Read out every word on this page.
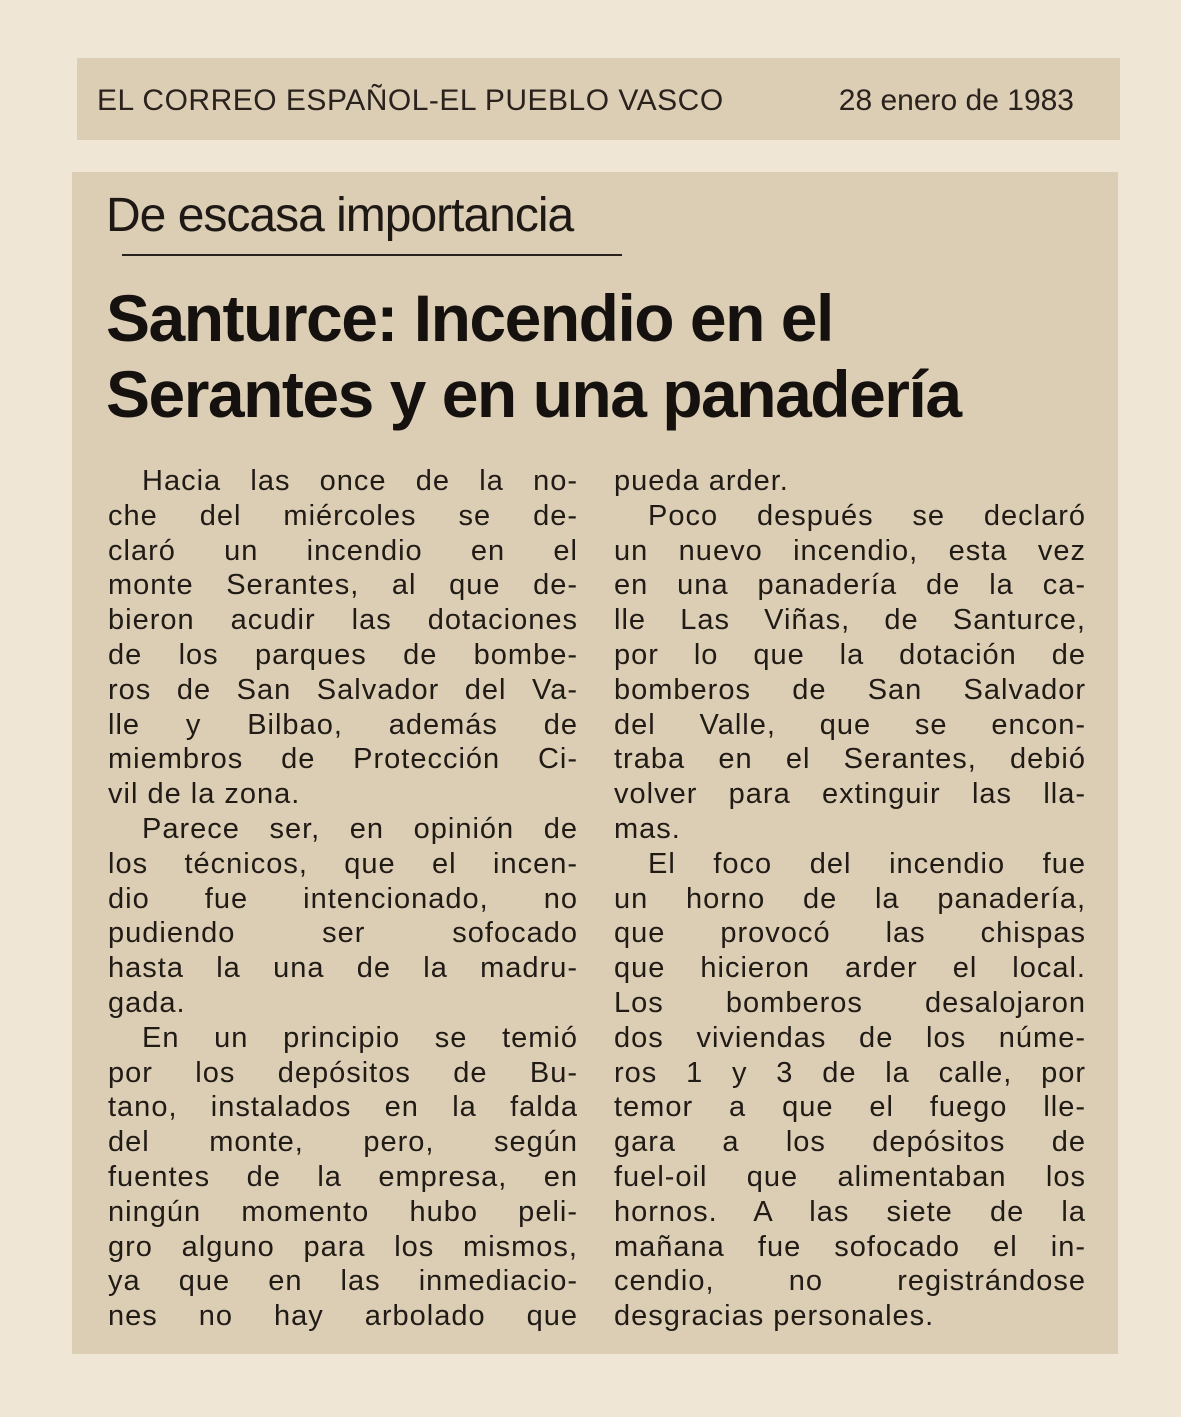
EL CORREO ESPAÑOL-EL PUEBLO VASCO	28 enero de 1983
De escasa importancia
Santurce: Incendio en el
Serantes y en una panadería
Hacia las once de la no-
che del miércoles se de-
claró un incendio en el
monte Serantes, al que de-
bieron acudir las dotaciones
de los parques de bombe-
ros de San Salvador del Va-
lle y Bilbao, además de
miembros de Protección Ci-
vil de la zona.
Parece ser, en opinión de
los técnicos, que el incen-
dio fue intencionado, no
pudiendo ser sofocado
hasta la una de la madru-
gada.
En un principio se temió
por los depósitos de Bu-
tano, instalados en la falda
del monte, pero, según
fuentes de la empresa, en
ningún momento hubo peli-
gro alguno para los mismos,
ya que en las inmediacio-
nes no hay arbolado que
pueda arder.
Poco después se declaró
un nuevo incendio, esta vez
en una panadería de la ca-
lle Las Viñas, de Santurce,
por lo que la dotación de
bomberos de San Salvador
del Valle, que se encon-
traba en el Serantes, debió
volver para extinguir las lla-
mas.
El foco del incendio fue
un horno de la panadería,
que provocó las chispas
que hicieron arder el local.
Los bomberos desalojaron
dos viviendas de los núme-
ros 1 y 3 de la calle, por
temor a que el fuego lle-
gara a los depósitos de
fuel-oil que alimentaban los
hornos. A las siete de la
mañana fue sofocado el in-
cendio, no registrándose
desgracias personales.
